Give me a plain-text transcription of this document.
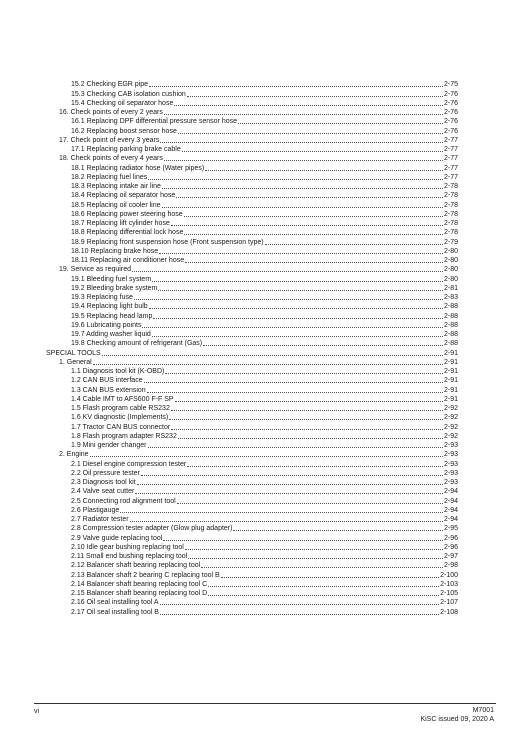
15.2 Checking EGR pipe	2-75
15.3 Checking CAB isolation cushion	2-76
15.4 Checking oil separator hose	2-76
16. Check points of every 2 years	2-76
16.1 Replacing DPF differential pressure sensor hose	2-76
16.2 Replacing boost sensor hose	2-76
17. Check point of every 3 years	2-77
17.1 Replacing parking brake cable	2-77
18. Check points of every 4 years	2-77
18.1 Replacing radiator hose (Water pipes)	2-77
18.2 Replacing fuel lines	2-77
18.3 Replacing intake air line	2-78
18.4 Replacing oil separator hose	2-78
18.5 Replacing oil cooler line	2-78
18.6 Replacing power steering hose	2-78
18.7 Replacing lift cylinder hose	2-78
18.8 Replacing differential lock hose	2-78
18.9 Replacing front suspension hose (Front suspension type)	2-79
18.10 Replacing brake hose	2-80
18.11 Replacing air conditioner hose	2-80
19. Service as required	2-80
19.1 Bleeding fuel system	2-80
19.2 Bleeding brake system	2-81
19.3 Replacing fuse	2-83
19.4 Replacing light bulb	2-88
19.5 Replacing head lamp	2-88
19.6 Lubricating points	2-88
19.7 Adding washer liquid	2-88
19.8 Checking amount of refrigerant (Gas)	2-88
SPECIAL TOOLS	2-91
1. General	2-91
1.1 Diagnosis tool kit (K-OBD)	2-91
1.2 CAN BUS interface	2-91
1.3 CAN BUS extension	2-91
1.4 Cable IMT to AFS600 F-F SP	2-91
1.5 Flash program cable RS232	2-92
1.6 KV diagnostic (Implements)	2-92
1.7 Tractor CAN BUS connector	2-92
1.8 Flash program adapter RS232	2-92
1.9 Mini gender changer	2-93
2. Engine	2-93
2.1 Diesel engine compression tester	2-93
2.2 Oil pressure tester	2-93
2.3 Diagnosis tool kit	2-93
2.4 Valve seat cutter	2-94
2.5 Connecting rod alignment tool	2-94
2.6 Plastigauge	2-94
2.7 Radiator tester	2-94
2.8 Compression tester adapter (Glow plug adapter)	2-95
2.9 Valve guide replacing tool	2-96
2.10 Idle gear bushing replacing tool	2-96
2.11 Small end bushing replacing tool	2-97
2.12 Balancer shaft bearing replacing tool	2-98
2.13 Balancer shaft 2 bearing C replacing tool B	2-100
2.14 Balancer shaft bearing replacing tool C	2-103
2.15 Balancer shaft bearing replacing tool D	2-105
2.16 Oil seal installing tool A	2-107
2.17 Oil seal installing tool B	2-108
vi	M7001
KiSC issued 09, 2020 A
